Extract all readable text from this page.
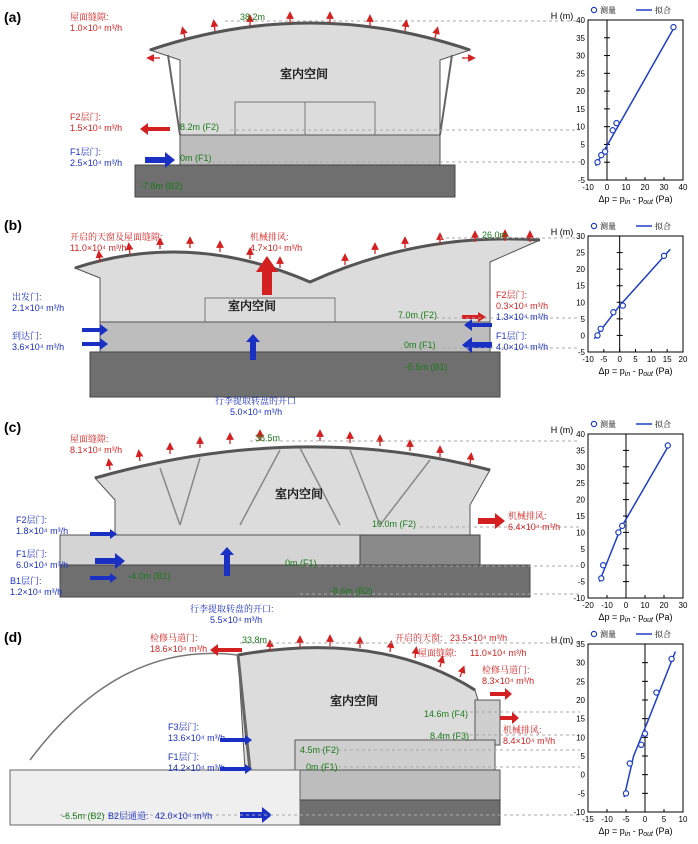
(a)	屋面缝隙:
1.0×10⁴ m³/h
F2层门:
1.5×10⁴ m³/h
F1层门:
2.5×10⁴ m³/h
室内空间
38.2m
8.2m (F2)
0m (F1)
-7.8m (B2)
(b)
开启的天窗及屋面缝隙:
11.0×10⁴ m³/h
机械排风:
4.7×10⁴ m³/h
出发门:
2.1×10⁴ m³/h
到达门:
3.6×10⁴ m³/h
F2层门:
0.3×10⁴ m³/h
1.3×10⁴ m³/h
F1层门:
4.0×10⁴ m³/h
行李提取转盘的开口
5.0×10⁴ m³/h
室内空间
26.0m
7.0m (F2)
0m (F1)
-5.5m (B1)
(c)
屋面缝隙:
8.1×10⁴ m³/h
机械排风:
6.4×10⁴ m³/h
F2层门:
1.8×10⁴ m³/h
F1层门:
6.0×10⁴ m³/h
B1层门:
1.2×10⁴ m³/h
行李提取转盘的开口:
5.5×10⁴ m³/h
室内空间
36.5m
10.0m (F2)
0m (F1)
-4.0m (B1)
-8.6m (B2)
(d)	检修马道门:
18.6×10⁴ m³/h
开启的天窗: 23.5×10⁴ m³/h
屋面缝隙: 11.0×10⁴ m³/h
检修马道门:
8.3×10⁴ m³/h
机械排风:
8.4×10⁴ m³/h
F3层门:
13.6×10⁴ m³/h
F1层门:
14.2×10⁴ m³/h
B2层通道: 42.0×10⁴ m³/h
室内空间
33.8m
14.6m (F4)
8.4m (F3)
4.5m (F2)
0m (F1)
-6.5m (B2)
-10 0 10 20 30 40
-5
0
5
10
15
20
25
30
35
40
测量	拟合
H (m)
$\Delta p = p_{in} - p_{out}$ (Pa)
-10 -5 0 5 10 15 20
-5
0
5
10
15
20
25
30
测量	拟合
H (m)
$\Delta p = p_{in} - p_{out}$ (Pa)
-20 -10 0 10 20 30
-10
-5
0
5
10
15
20
25
30
35
40
测量	拟合
H (m)
$\Delta p = p_{in} - p_{out}$ (Pa)
-15 -10 -5 0 5 10
-10
-5
0
5
10
15
20
25
30
35
测量	拟合
H (m)
$\Delta p = p_{in} - p_{out}$ (Pa)
